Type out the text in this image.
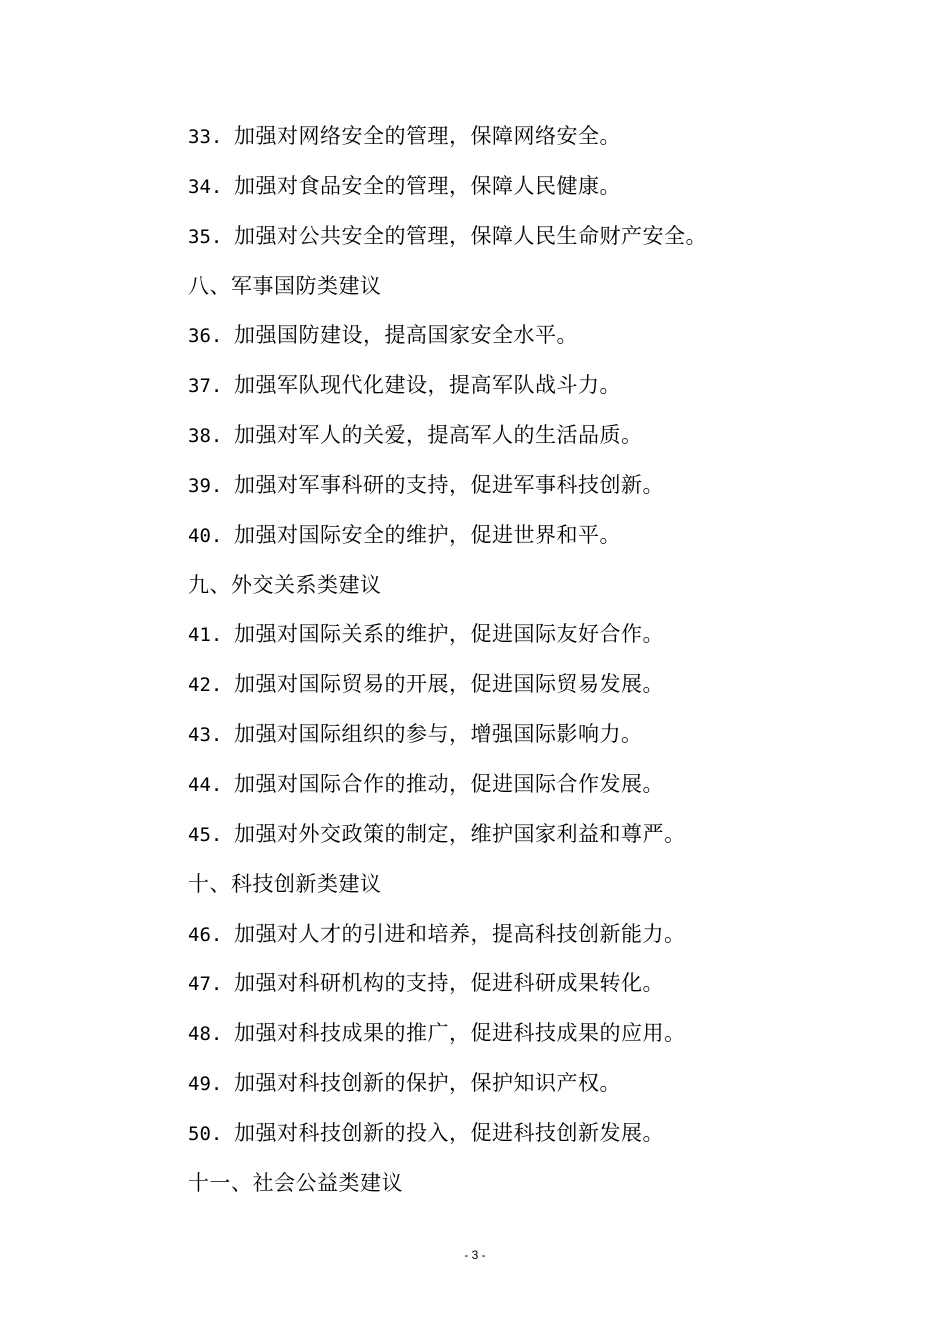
33. 加强对网络安全的管理，保障网络安全。
34. 加强对食品安全的管理，保障人民健康。
35. 加强对公共安全的管理，保障人民生命财产安全。
八、军事国防类建议
36. 加强国防建设，提高国家安全水平。
37. 加强军队现代化建设，提高军队战斗力。
38. 加强对军人的关爱，提高军人的生活品质。
39. 加强对军事科研的支持，促进军事科技创新。
40. 加强对国际安全的维护，促进世界和平。
九、外交关系类建议
41. 加强对国际关系的维护，促进国际友好合作。
42. 加强对国际贸易的开展，促进国际贸易发展。
43. 加强对国际组织的参与，增强国际影响力。
44. 加强对国际合作的推动，促进国际合作发展。
45. 加强对外交政策的制定，维护国家利益和尊严。
十、科技创新类建议
46. 加强对人才的引进和培养，提高科技创新能力。
47. 加强对科研机构的支持，促进科研成果转化。
48. 加强对科技成果的推广，促进科技成果的应用。
49. 加强对科技创新的保护，保护知识产权。
50. 加强对科技创新的投入，促进科技创新发展。
十一、社会公益类建议
- 3 -
